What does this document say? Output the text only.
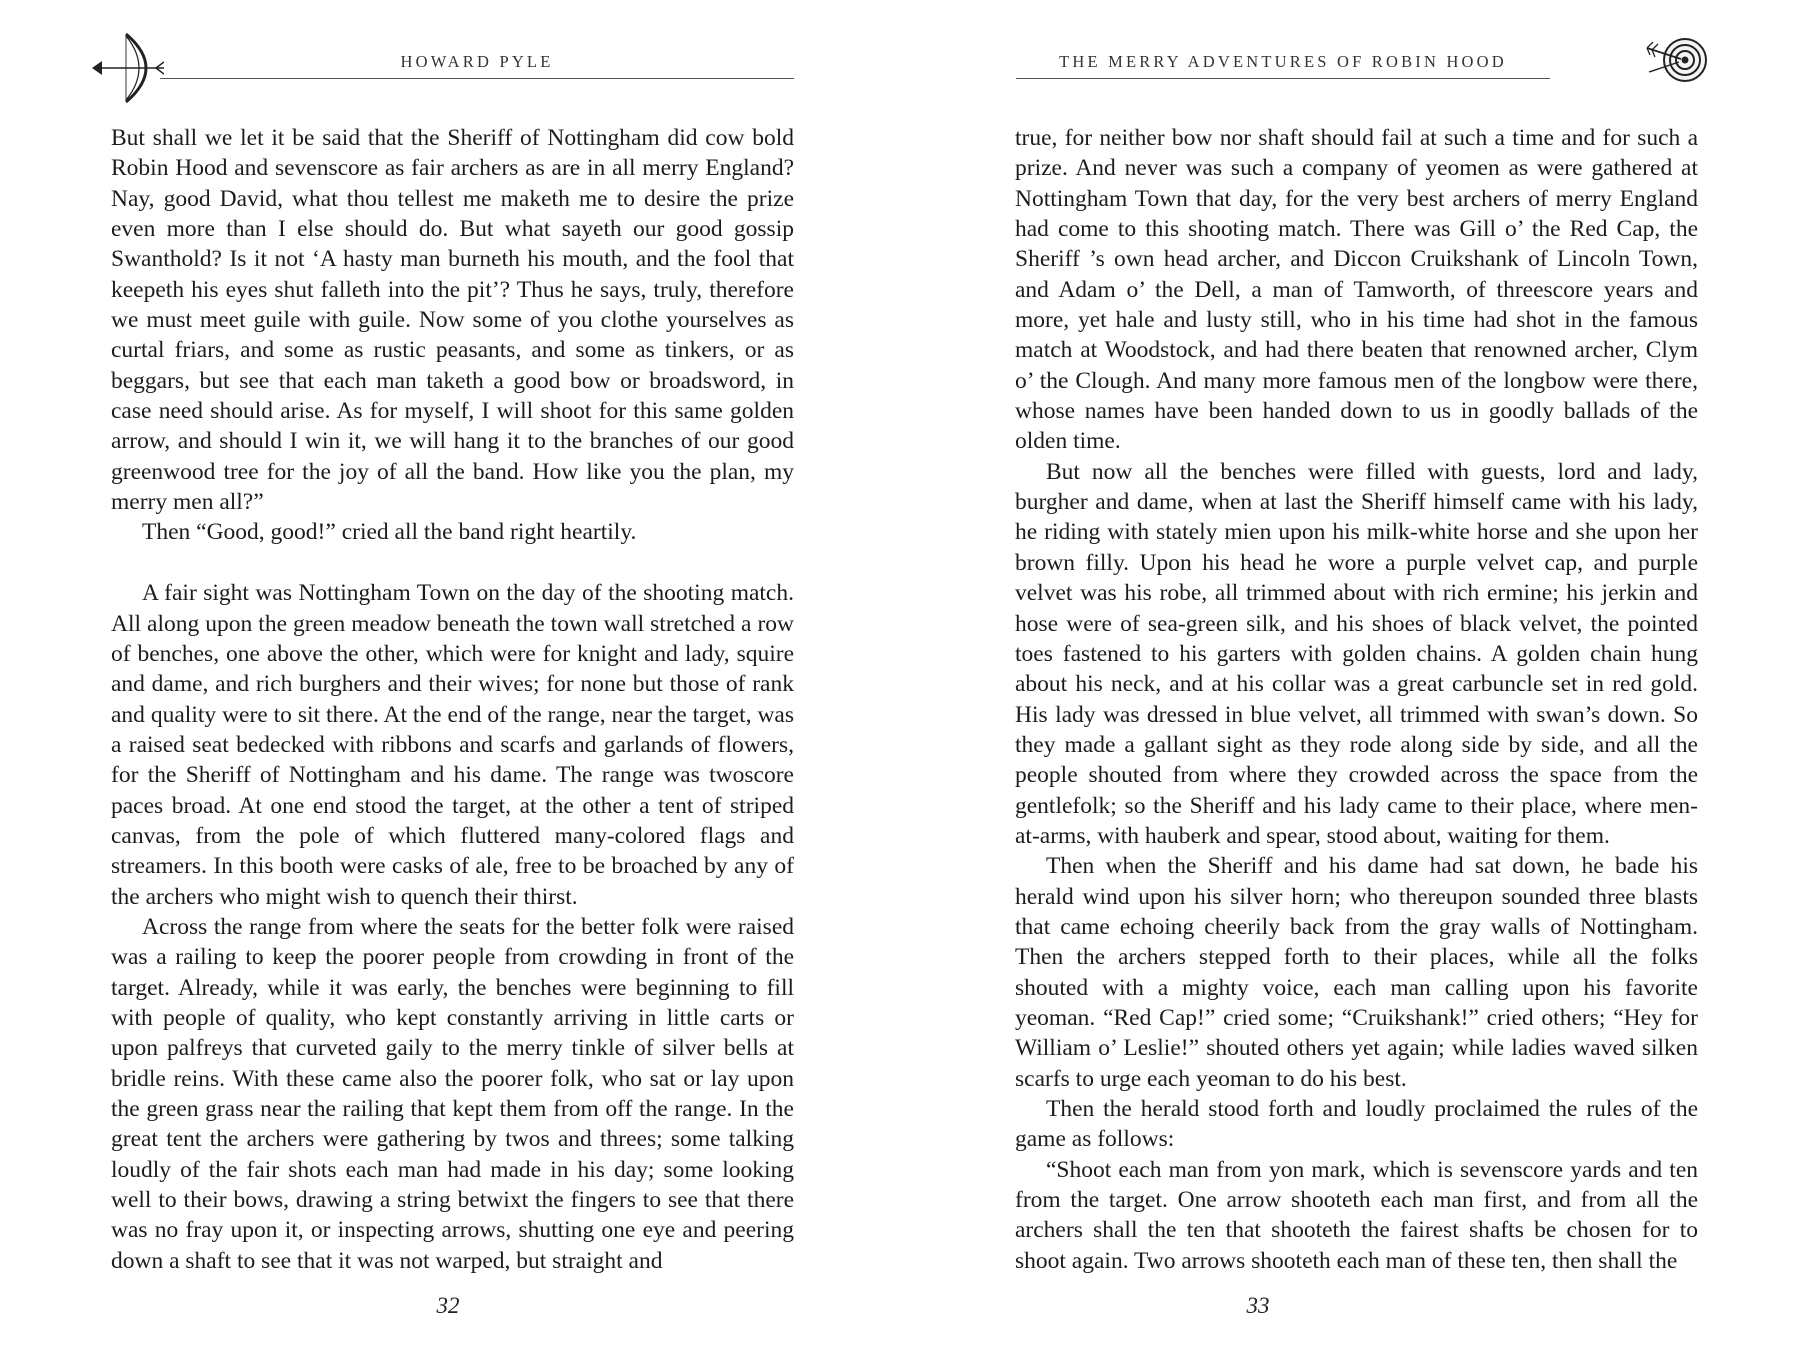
HOWARD PYLE

But shall we let it be said that the Sheriff of Nottingham did cow bold Robin Hood and sevenscore as fair archers as are in all merry England? Nay, good David, what thou tellest me maketh me to desire the prize even more than I else should do. But what sayeth our good gossip Swanthold? Is it not ‘A hasty man burneth his mouth, and the fool that keepeth his eyes shut falleth into the pit’? Thus he says, truly, therefore we must meet guile with guile. Now some of you clothe yourselves as curtal friars, and some as rustic peasants, and some as tinkers, or as beggars, but see that each man taketh a good bow or broadsword, in case need should arise. As for myself, I will shoot for this same golden arrow, and should I win it, we will hang it to the branches of our good greenwood tree for the joy of all the band. How like you the plan, my merry men all?”

Then “Good, good!” cried all the band right heartily.

A fair sight was Nottingham Town on the day of the shooting match. All along upon the green meadow beneath the town wall stretched a row of benches, one above the other, which were for knight and lady, squire and dame, and rich burghers and their wives; for none but those of rank and quality were to sit there. At the end of the range, near the target, was a raised seat bedecked with ribbons and scarfs and garlands of flowers, for the Sheriff of Nottingham and his dame. The range was twoscore paces broad. At one end stood the target, at the other a tent of striped canvas, from the pole of which fluttered many-colored flags and streamers. In this booth were casks of ale, free to be broached by any of the archers who might wish to quench their thirst.

Across the range from where the seats for the better folk were raised was a railing to keep the poorer people from crowding in front of the target. Already, while it was early, the benches were beginning to fill with people of quality, who kept constantly arriving in little carts or upon palfreys that curveted gaily to the merry tinkle of silver bells at bridle reins. With these came also the poorer folk, who sat or lay upon the green grass near the railing that kept them from off the range. In the great tent the archers were gathering by twos and threes; some talking loudly of the fair shots each man had made in his day; some looking well to their bows, drawing a string betwixt the fingers to see that there was no fray upon it, or inspecting arrows, shutting one eye and peering down a shaft to see that it was not warped, but straight and

32
THE MERRY ADVENTURES OF ROBIN HOOD

true, for neither bow nor shaft should fail at such a time and for such a prize. And never was such a company of yeomen as were gathered at Nottingham Town that day, for the very best archers of merry England had come to this shooting match. There was Gill o’ the Red Cap, the Sheriff ’s own head archer, and Diccon Cruikshank of Lincoln Town, and Adam o’ the Dell, a man of Tamworth, of threescore years and more, yet hale and lusty still, who in his time had shot in the famous match at Woodstock, and had there beaten that renowned archer, Clym o’ the Clough. And many more famous men of the longbow were there, whose names have been handed down to us in goodly ballads of the olden time.

But now all the benches were filled with guests, lord and lady, burgher and dame, when at last the Sheriff himself came with his lady, he riding with stately mien upon his milk-white horse and she upon her brown filly. Upon his head he wore a purple velvet cap, and purple velvet was his robe, all trimmed about with rich ermine; his jerkin and hose were of sea-green silk, and his shoes of black velvet, the pointed toes fastened to his garters with golden chains. A golden chain hung about his neck, and at his collar was a great carbuncle set in red gold. His lady was dressed in blue velvet, all trimmed with swan’s down. So they made a gallant sight as they rode along side by side, and all the people shouted from where they crowded across the space from the gentlefolk; so the Sheriff and his lady came to their place, where men-at-arms, with hauberk and spear, stood about, waiting for them.

Then when the Sheriff and his dame had sat down, he bade his herald wind upon his silver horn; who thereupon sounded three blasts that came echoing cheerily back from the gray walls of Nottingham. Then the archers stepped forth to their places, while all the folks shouted with a mighty voice, each man calling upon his favorite yeoman. “Red Cap!” cried some; “Cruikshank!” cried others; “Hey for William o’ Leslie!” shouted others yet again; while ladies waved silken scarfs to urge each yeoman to do his best.

Then the herald stood forth and loudly proclaimed the rules of the game as follows:

“Shoot each man from yon mark, which is sevenscore yards and ten from the target. One arrow shooteth each man first, and from all the archers shall the ten that shooteth the fairest shafts be chosen for to shoot again. Two arrows shooteth each man of these ten, then shall the

33
